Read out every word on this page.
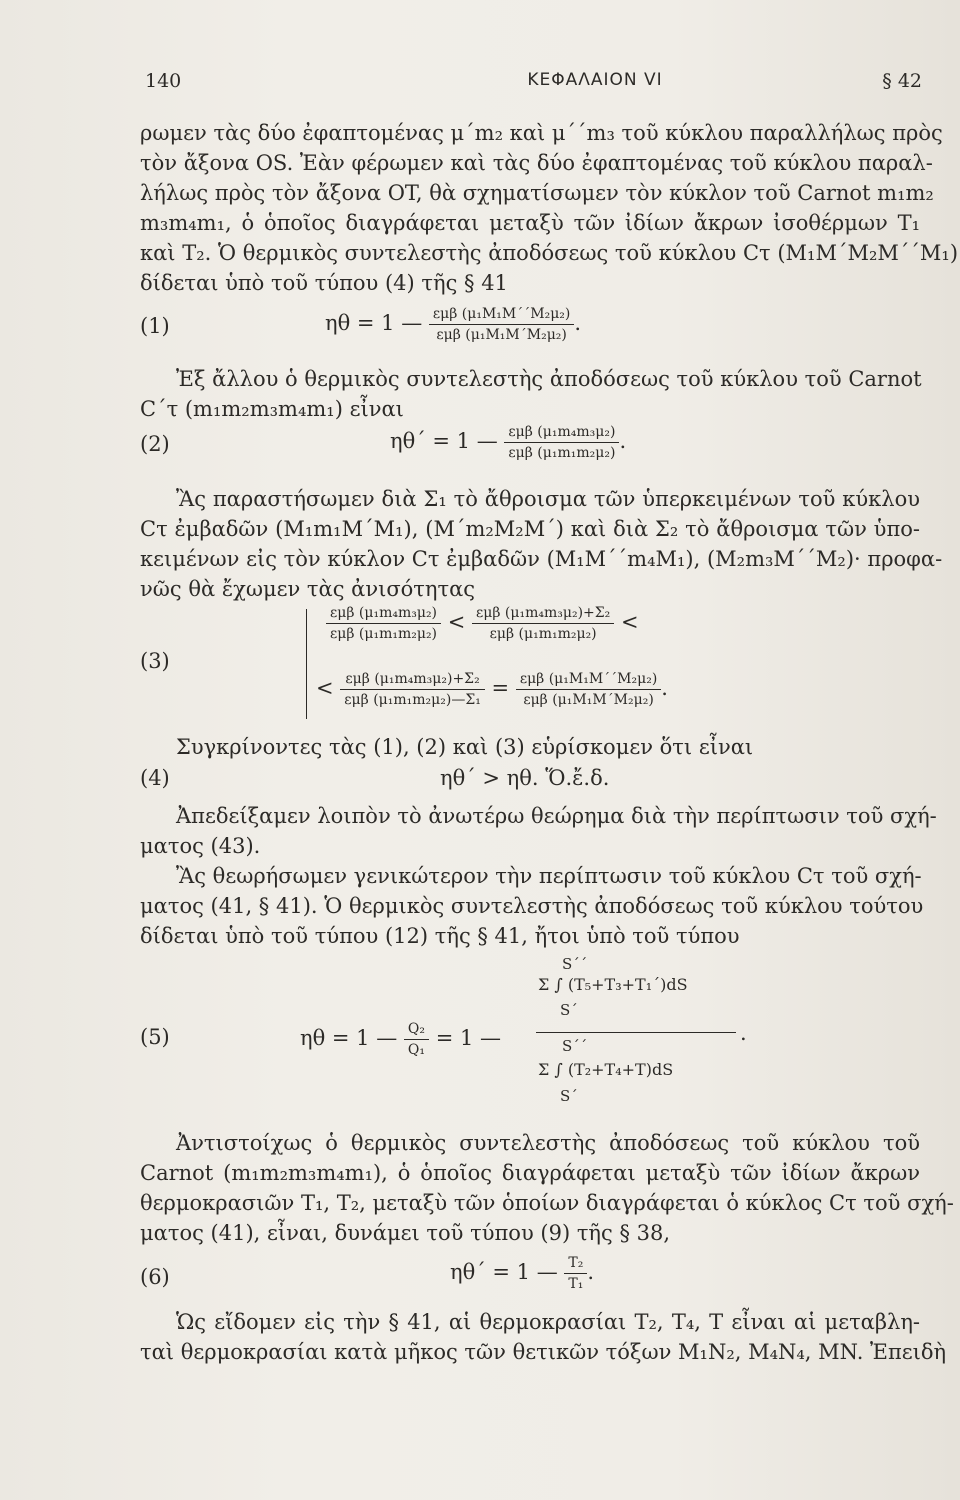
140	ΚΕΦΑΛΑΙΟΝ VI	§ 42
ρωμεν τὰς δύο ἐφαπτομένας μ΄m₂ καὶ μ΄΄m₃ τοῦ κύκλου παραλλήλως πρὸς
τὸν ἄξονα OS. Ἐὰν φέρωμεν καὶ τὰς δύο ἐφαπτομένας τοῦ κύκλου παραλ-
λήλως πρὸς τὸν ἄξονα OT, θὰ σχηματίσωμεν τὸν κύκλον τοῦ Carnot m₁m₂
m₃m₄m₁, ὁ ὁποῖος διαγράφεται μεταξὺ τῶν ἰδίων ἄκρων ἰσοθέρμων T₁
καὶ T₂. Ὁ θερμικὸς συντελεστὴς ἀποδόσεως τοῦ κύκλου Cτ (M₁M΄M₂M΄΄M₁)
δίδεται ὑπὸ τοῦ τύπου (4) τῆς § 41
(1)	ηθ = 1 — $\frac{\text{εμβ (μ₁M₁M΄΄M₂μ₂)}}{\text{εμβ (μ₁M₁M΄M₂μ₂)}}$ .
Ἐξ ἄλλου ὁ θερμικὸς συντελεστὴς ἀποδόσεως τοῦ κύκλου τοῦ Carnot
C΄τ (m₁m₂m₃m₄m₁) εἶναι
(2)	ηθ΄ = 1 — $\frac{\text{εμβ (μ₁m₄m₃μ₂)}}{\text{εμβ (μ₁m₁m₂μ₂)}}$ .
Ἂς παραστήσωμεν διὰ Σ₁ τὸ ἄθροισμα τῶν ὑπερκειμένων τοῦ κύκλου
Cτ ἐμβαδῶν (M₁m₁M΄M₁), (M΄m₂M₂M΄) καὶ διὰ Σ₂ τὸ ἄθροισμα τῶν ὑπο-
κειμένων εἰς τὸν κύκλον Cτ ἐμβαδῶν (M₁M΄΄m₄M₁), (M₂m₃M΄΄M₂)· προφα-
νῶς θὰ ἔχωμεν τὰς ἀνισότητας
(3)
$\frac{\text{εμβ (μ₁m₄m₃μ₂)}}{\text{εμβ (μ₁m₁m₂μ₂)}} < \frac{\text{εμβ (μ₁m₄m₃μ₂)+Σ₂}}{\text{εμβ (μ₁m₁m₂μ₂)}}$ <
< $\frac{\text{εμβ (μ₁m₄m₃μ₂)+Σ₂}}{\text{εμβ (μ₁m₁m₂μ₂)—Σ₁}} = \frac{\text{εμβ (μ₁M₁M΄΄M₂μ₂)}}{\text{εμβ (μ₁M₁M΄M₂μ₂)}}$ .
Συγκρίνοντες τὰς (1), (2) καὶ (3) εὑρίσκομεν ὅτι εἶναι
(4)	ηθ΄ > ηθ. Ὅ.ἔ.δ.
Ἀπεδείξαμεν λοιπὸν τὸ ἀνωτέρω θεώρημα διὰ τὴν περίπτωσιν τοῦ σχή-
ματος (43).
Ἂς θεωρήσωμεν γενικώτερον τὴν περίπτωσιν τοῦ κύκλου Cτ τοῦ σχή-
ματος (41, § 41). Ὁ θερμικὸς συντελεστὴς ἀποδόσεως τοῦ κύκλου τούτου
δίδεται ὑπὸ τοῦ τύπου (12) τῆς § 41, ἤτοι ὑπὸ τοῦ τύπου
(5)	ηθ = 1 — $\frac{\text{Q₂}}{\text{Q₁}} = 1$ —
S΄΄
Σ ∫ (T₅+T₃+T₁΄)dS
S΄
S΄΄
Σ ∫ (T₂+T₄+T)dS
S΄
.
Ἀντιστοίχως ὁ θερμικὸς συντελεστὴς ἀποδόσεως τοῦ κύκλου τοῦ
Carnot (m₁m₂m₃m₄m₁), ὁ ὁποῖος διαγράφεται μεταξὺ τῶν ἰδίων ἄκρων
θερμοκρασιῶν T₁, T₂, μεταξὺ τῶν ὁποίων διαγράφεται ὁ κύκλος Cτ τοῦ σχή-
ματος (41), εἶναι, δυνάμει τοῦ τύπου (9) τῆς § 38,
(6)	ηθ΄ = 1 — $\frac{\text{T₂}}{\text{T₁}}$ .
Ὡς εἴδομεν εἰς τὴν § 41, αἱ θερμοκρασίαι T₂, T₄, T εἶναι αἱ μεταβλη-
ταὶ θερμοκρασίαι κατὰ μῆκος τῶν θετικῶν τόξων M₁N₂, M₄N₄, MN. Ἐπειδὴ
